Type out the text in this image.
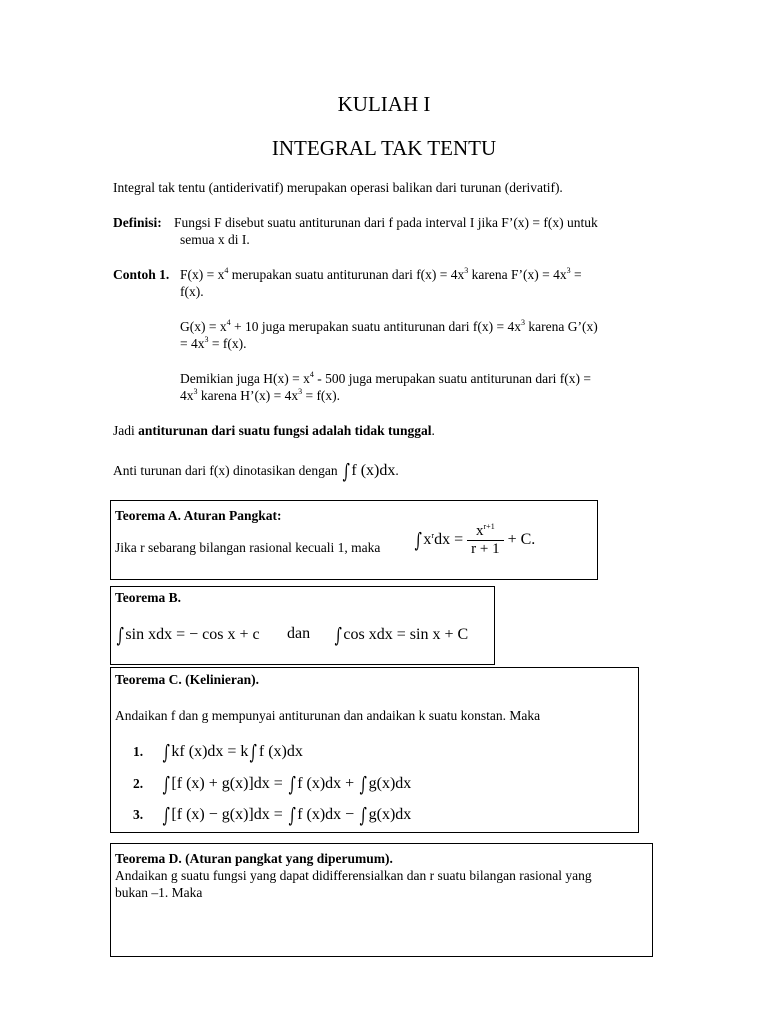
KULIAH I
INTEGRAL TAK TENTU
Integral tak tentu (antiderivatif) merupakan operasi balikan dari turunan (derivatif).
Definisi: Fungsi F disebut suatu antiturunan dari f pada interval I jika F’(x) = f(x) untuk
semua x di I.
Contoh 1. $F(x) = x^4$ merupakan suatu antiturunan dari $f(x) = 4x^3$ karena F’(x) = $4x^3$ =
f(x).
$G(x) = x^4 + 10$ juga merupakan suatu antiturunan dari $f(x) = 4x^3$ karena G’(x)
= $4x^3 = f(x)$.
Demikian juga $H(x) = x^4 - 500$ juga merupakan suatu antiturunan dari f(x) =
$4x^3$ karena H’(x) = $4x^3 = f(x)$.
Jadi antiturunan dari suatu fungsi adalah tidak tunggal.
Anti turunan dari f(x) dinotasikan dengan ∫f (x)dx.
Teorema A. Aturan Pangkat:
Jika r sebarang bilangan rasional kecuali 1, maka $\int x^rdx = \frac{x^{r+1}}{r + 1} + C$.
Teorema B.
∫sin xdx = − cos x + c dan ∫cos xdx = sin x + C
Teorema C. (Kelinieran).
Andaikan f dan g mempunyai antiturunan dan andaikan k suatu konstan. Maka
1. ∫kf (x)dx = k∫f (x)dx
2. ∫[f (x) + g(x)]dx = ∫f (x)dx + ∫g(x)dx
3. ∫[f (x) − g(x)]dx = ∫f (x)dx − ∫g(x)dx
Teorema D. (Aturan pangkat yang diperumum).
Andaikan g suatu fungsi yang dapat didifferensialkan dan r suatu bilangan rasional yang
bukan –1. Maka
